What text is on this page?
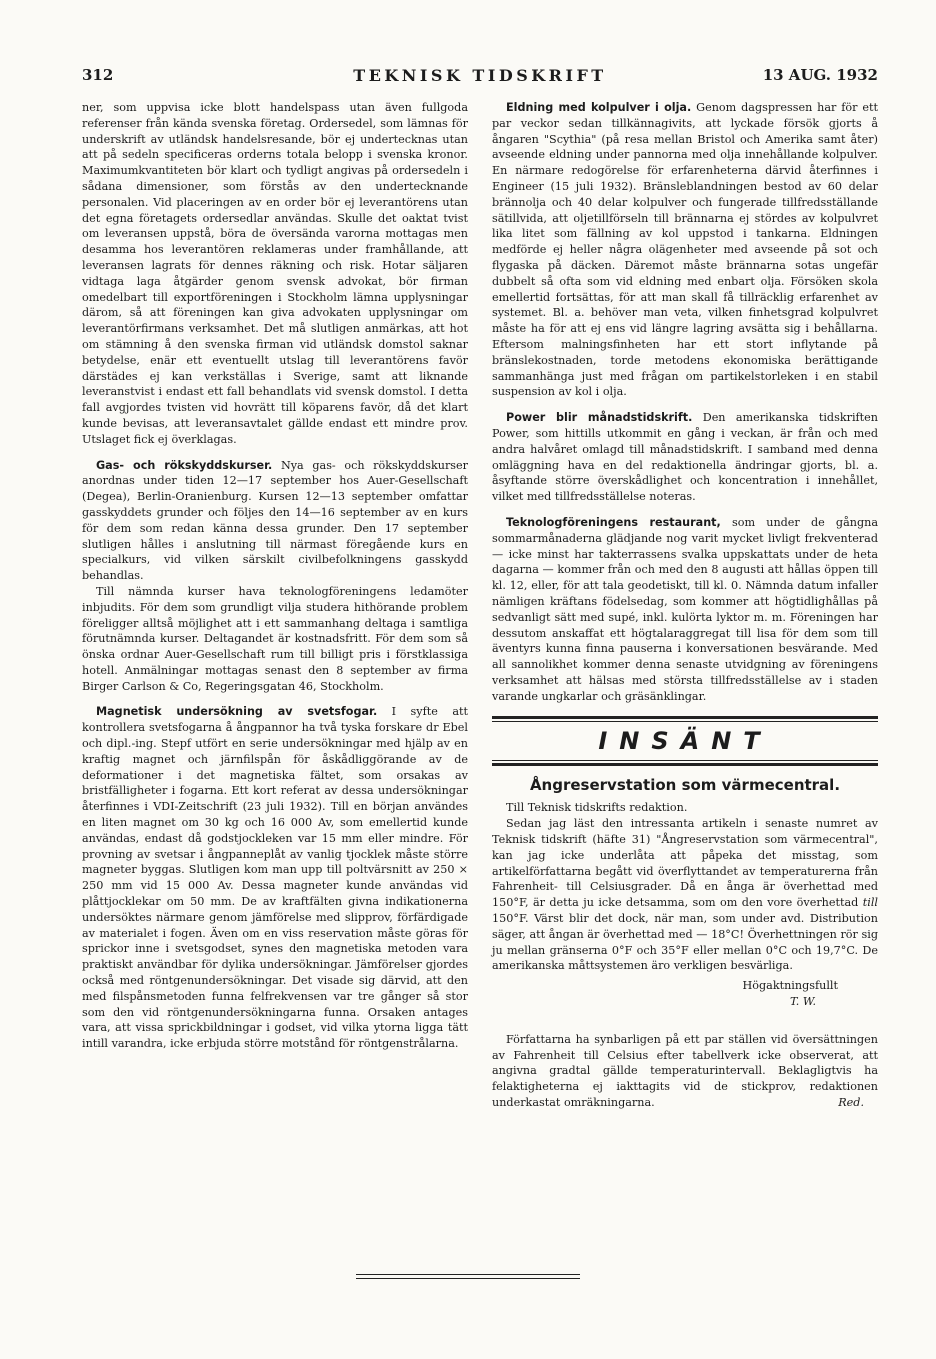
312	TEKNISK TIDSKRIFT	13 AUG. 1932

ner, som uppvisa icke blott handelspass utan även fullgoda referenser från kända svenska företag. Ordersedel, som lämnas för underskrift av utländsk handelsresande, bör ej undertecknas utan att på sedeln specificeras orderns totala belopp i svenska kronor. Maximumkvantiteten bör klart och tydligt angivas på ordersedeln i sådana dimensioner, som förstås av den undertecknande personalen. Vid placeringen av en order bör ej leverantörens utan det egna företagets ordersedlar användas. Skulle det oaktat tvist om leveransen uppstå, böra de översända varorna mottagas men desamma hos leverantören reklameras under framhållande, att leveransen lagrats för dennes räkning och risk. Hotar säljaren vidtaga laga åtgärder genom svensk advokat, bör firman omedelbart till exportföreningen i Stockholm lämna upplysningar därom, så att föreningen kan giva advokaten upplysningar om leverantörfirmans verksamhet. Det må slutligen anmärkas, att hot om stämning å den svenska firman vid utländsk domstol saknar betydelse, enär ett eventuellt utslag till leverantörens favör därstädes ej kan verkställas i Sverige, samt att liknande leveranstvist i endast ett fall behandlats vid svensk domstol. I detta fall avgjordes tvisten vid hovrätt till köparens favör, då det klart kunde bevisas, att leveransavtalet gällde endast ett mindre prov. Utslaget fick ej överklagas.

Gas- och rökskyddskurser. Nya gas- och rökskyddskurser anordnas under tiden 12—17 september hos Auer-Gesellschaft (Degea), Berlin-Oranienburg. Kursen 12—13 september omfattar gasskyddets grunder och följes den 14—16 september av en kurs för dem som redan känna dessa grunder. Den 17 september slutligen hålles i anslutning till närmast föregående kurs en specialkurs, vid vilken särskilt civilbefolkningens gasskydd behandlas.

Till nämnda kurser hava teknologföreningens ledamöter inbjudits. För dem som grundligt vilja studera hithörande problem föreligger alltså möjlighet att i ett sammanhang deltaga i samtliga förutnämnda kurser. Deltagandet är kostnadsfritt. För dem som så önska ordnar Auer-Gesellschaft rum till billigt pris i förstklassiga hotell. Anmälningar mottagas senast den 8 september av firma Birger Carlson & Co, Regeringsgatan 46, Stockholm.

Magnetisk undersökning av svetsfogar. I syfte att kontrollera svetsfogarna å ångpannor ha två tyska forskare dr Ebel och dipl.-ing. Stepf utfört en serie undersökningar med hjälp av en kraftig magnet och järnfilspån för åskådliggörande av de deformationer i det magnetiska fältet, som orsakas av bristfälligheter i fogarna. Ett kort referat av dessa undersökningar återfinnes i VDI-Zeitschrift (23 juli 1932). Till en början användes en liten magnet om 30 kg och 16 000 Av, som emellertid kunde användas, endast då godstjockleken var 15 mm eller mindre. För provning av svetsar i ångpanneplåt av vanlig tjocklek måste större magneter byggas. Slutligen kom man upp till poltvärsnitt av 250 × 250 mm vid 15 000 Av. Dessa magneter kunde användas vid plåttjocklekar om 50 mm. De av kraftfälten givna indikationerna undersöktes närmare genom jämförelse med slipprov, förfärdigade av materialet i fogen. Även om en viss reservation måste göras för sprickor inne i svetsgodset, synes den magnetiska metoden vara praktiskt användbar för dylika undersökningar. Jämförelser gjordes också med röntgenundersökningar. Det visade sig därvid, att den med filspånsmetoden funna felfrekvensen var tre gånger så stor som den vid röntgenundersökningarna funna. Orsaken antages vara, att vissa sprickbildningar i godset, vid vilka ytorna ligga tätt intill varandra, icke erbjuda större motstånd för röntgenstrålarna.

Eldning med kolpulver i olja. Genom dagspressen har för ett par veckor sedan tillkännagivits, att lyckade försök gjorts å ångaren "Scythia" (på resa mellan Bristol och Amerika samt åter) avseende eldning under pannorna med olja innehållande kolpulver. En närmare redogörelse för erfarenheterna därvid återfinnes i Engineer (15 juli 1932). Bränsleblandningen bestod av 60 delar brännolja och 40 delar kolpulver och fungerade tillfredsställande sätillvida, att oljetillförseln till brännarna ej stördes av kolpulvret lika litet som fällning av kol uppstod i tankarna. Eldningen medförde ej heller några olägenheter med avseende på sot och flygaska på däcken. Däremot måste brännarna sotas ungefär dubbelt så ofta som vid eldning med enbart olja. Försöken skola emellertid fortsättas, för att man skall få tillräcklig erfarenhet av systemet. Bl. a. behöver man veta, vilken finhetsgrad kolpulvret måste ha för att ej ens vid längre lagring avsätta sig i behållarna. Eftersom malningsfinheten har ett stort inflytande på bränslekostnaden, torde metodens ekonomiska berättigande sammanhänga just med frågan om partikelstorleken i en stabil suspension av kol i olja.

Power blir månadstidskrift. Den amerikanska tidskriften Power, som hittills utkommit en gång i veckan, är från och med andra halvåret omlagd till månadstidskrift. I samband med denna omläggning hava en del redaktionella ändringar gjorts, bl. a. åsyftande större överskådlighet och koncentration i innehållet, vilket med tillfredsställelse noteras.

Teknologföreningens restaurant, som under de gångna sommarmånaderna glädjande nog varit mycket livligt frekventerad — icke minst har takterrassens svalka uppskattats under de heta dagarna — kommer från och med den 8 augusti att hållas öppen till kl. 12, eller, för att tala geodetiskt, till kl. 0. Nämnda datum infaller nämligen kräftans födelsedag, som kommer att högtidlighållas på sedvanligt sätt med supé, inkl. kulörta lyktor m. m. Föreningen har dessutom anskaffat ett högtalaraggregat till lisa för dem som till äventyrs kunna finna pauserna i konversationen besvärande. Med all sannolikhet kommer denna senaste utvidgning av föreningens verksamhet att hälsas med största tillfredsställelse av i staden varande ungkarlar och gräsänklingar.

INSÄNT
Ångreservstation som värmecentral.

Till Teknisk tidskrifts redaktion.

Sedan jag läst den intressanta artikeln i senaste numret av Teknisk tidskrift (häfte 31) "Ångreservstation som värmecentral", kan jag icke underlåta att påpeka det misstag, som artikelförfattarna begått vid överflyttandet av temperaturerna från Fahrenheit- till Celsiusgrader. Då en ånga är överhettad med 150°F, är detta ju icke detsamma, som om den vore överhettad till 150°F. Värst blir det dock, när man, som under avd. Distribution säger, att ångan är överhettad med — 18°C! Överhettningen rör sig ju mellan gränserna 0°F och 35°F eller mellan 0°C och 19,7°C. De amerikanska måttsystemen äro verkligen besvärliga.

Högaktningsfullt
T. W.

Författarna ha synbarligen på ett par ställen vid översättningen av Fahrenheit till Celsius efter tabellverk icke observerat, att angivna gradtal gällde temperaturintervall. Beklagligtvis ha felaktigheterna ej iakttagits vid de stickprov, redaktionen underkastat omräkningarna.	Red.
